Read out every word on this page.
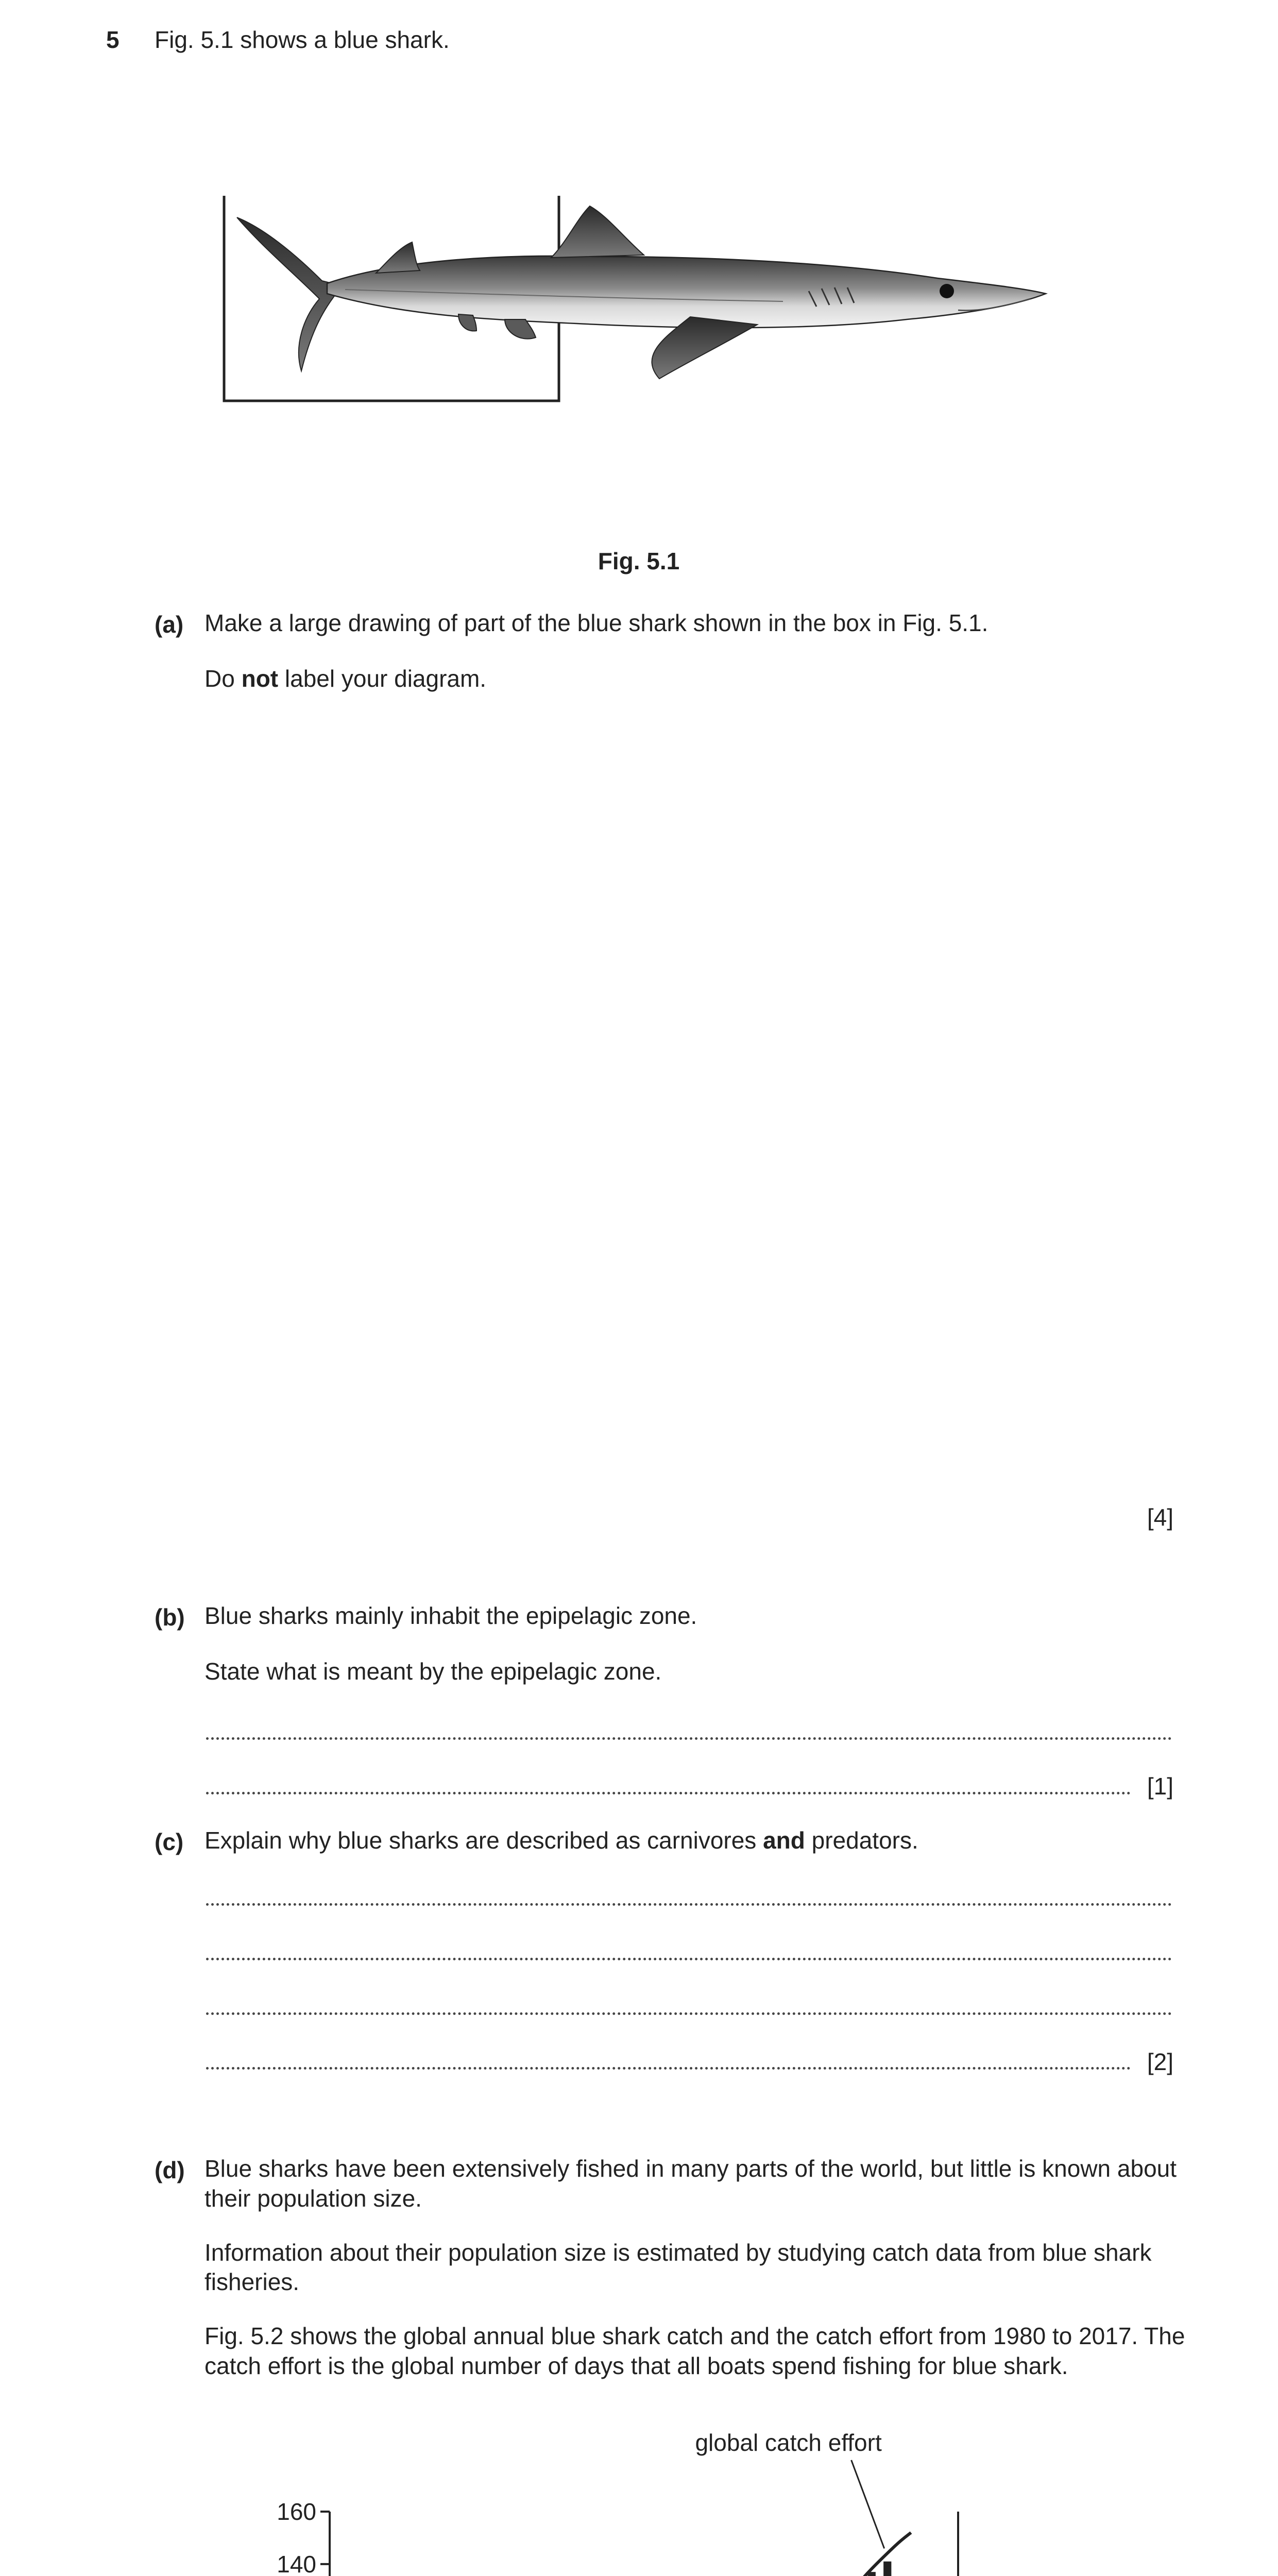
5 Fig. 5.1 shows a blue shark.
Fig. 5.1
(a) Make a large drawing of part of the blue shark shown in the box in Fig. 5.1.
Do not label your diagram.
[4]
(b) Blue sharks mainly inhabit the epipelagic zone.
State what is meant by the epipelagic zone.
[1]
(c) Explain why blue sharks are described as carnivores and predators.
[2]
(d) Blue sharks have been extensively fished in many parts of the world, but little is known about
their population size.
Information about their population size is estimated by studying catch data from blue shark
fisheries.
Fig. 5.2 shows the global annual blue shark catch and the catch effort from 1980 to 2017. The
catch effort is the global number of days that all boats spend fishing for blue shark.
140
160
global catch effort
